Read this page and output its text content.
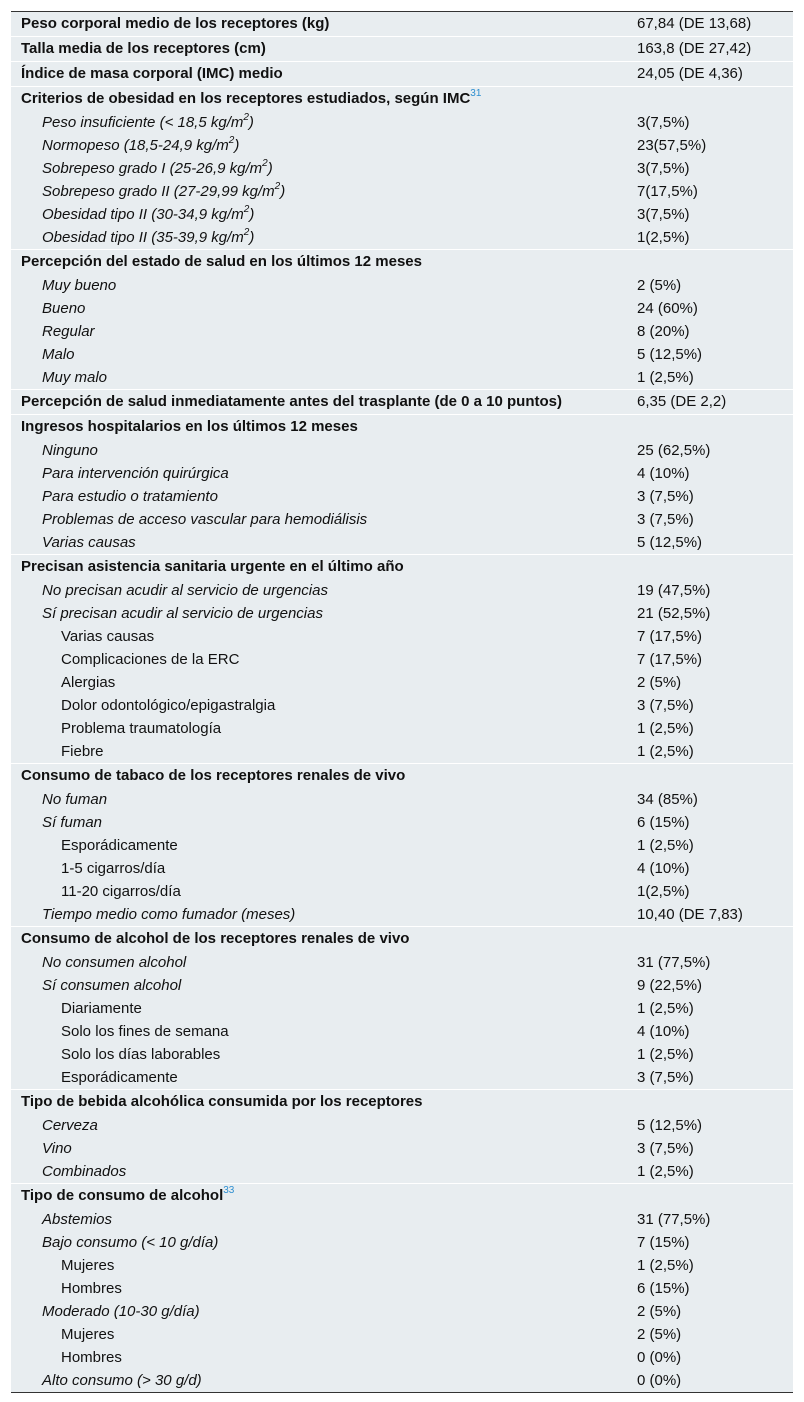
Peso corporal medio de los receptores (kg)	67,84 (DE 13,68)
Talla media de los receptores (cm)	163,8 (DE 27,42)
Índice de masa corporal (IMC) medio	24,05 (DE 4,36)
Criterios de obesidad en los receptores estudiados, según IMC$^{31}$
Peso insuficiente (< 18,5 $kg/m^2$)	3(7,5%)
Normopeso (18,5-24,9 $kg/m^2$)	23(57,5%)
Sobrepeso grado I (25-26,9 $kg/m^2$)	3(7,5%)
Sobrepeso grado II (27-29,99 $kg/m^2$)	7(17,5%)
Obesidad tipo II (30-34,9 $kg/m^2$)	3(7,5%)
Obesidad tipo II (35-39,9 $kg/m^2$)	1(2,5%)
Percepción del estado de salud en los últimos 12 meses
Muy bueno	2 (5%)
Bueno	24 (60%)
Regular	8 (20%)
Malo	5 (12,5%)
Muy malo	1 (2,5%)
Percepción de salud inmediatamente antes del trasplante (de 0 a 10 puntos)	6,35 (DE 2,2)
Ingresos hospitalarios en los últimos 12 meses
Ninguno	25 (62,5%)
Para intervención quirúrgica	4 (10%)
Para estudio o tratamiento	3 (7,5%)
Problemas de acceso vascular para hemodiálisis	3 (7,5%)
Varias causas	5 (12,5%)
Precisan asistencia sanitaria urgente en el último año
No precisan acudir al servicio de urgencias	19 (47,5%)
Sí precisan acudir al servicio de urgencias	21 (52,5%)
Varias causas	7 (17,5%)
Complicaciones de la ERC	7 (17,5%)
Alergias	2 (5%)
Dolor odontológico/epigastralgia	3 (7,5%)
Problema traumatología	1 (2,5%)
Fiebre	1 (2,5%)
Consumo de tabaco de los receptores renales de vivo
No fuman	34 (85%)
Sí fuman	6 (15%)
Esporádicamente	1 (2,5%)
1-5 cigarros/día	4 (10%)
11-20 cigarros/día	1(2,5%)
Tiempo medio como fumador (meses)	10,40 (DE 7,83)
Consumo de alcohol de los receptores renales de vivo
No consumen alcohol	31 (77,5%)
Sí consumen alcohol	9 (22,5%)
Diariamente	1 (2,5%)
Solo los fines de semana	4 (10%)
Solo los días laborables	1 (2,5%)
Esporádicamente	3 (7,5%)
Tipo de bebida alcohólica consumida por los receptores
Cerveza	5 (12,5%)
Vino	3 (7,5%)
Combinados	1 (2,5%)
Tipo de consumo de alcohol$^{33}$
Abstemios	31 (77,5%)
Bajo consumo (< 10 g/día)	7 (15%)
Mujeres	1 (2,5%)
Hombres	6 (15%)
Moderado (10-30 g/día)	2 (5%)
Mujeres	2 (5%)
Hombres	0 (0%)
Alto consumo (> 30 g/d)	0 (0%)
